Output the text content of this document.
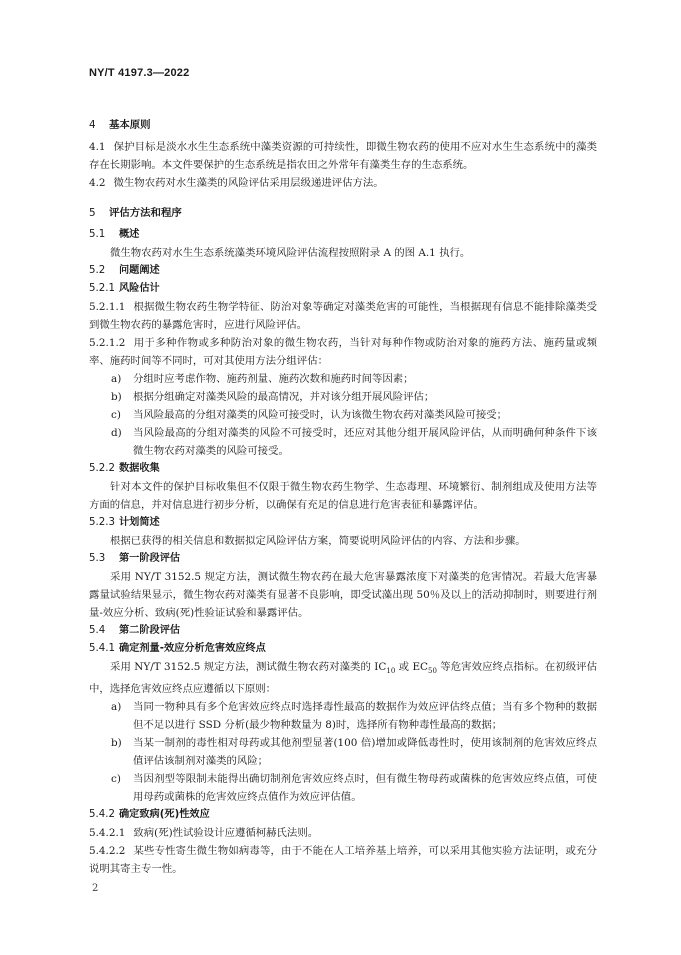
NY/T 4197.3—2022
4 基本原则
4.1 保护目标是淡水水生生态系统中藻类资源的可持续性，即微生物农药的使用不应对水生生态系统中的藻类存在长期影响。本文件要保护的生态系统是指农田之外常年有藻类生存的生态系统。
4.2 微生物农药对水生藻类的风险评估采用层级递进评估方法。
5 评估方法和程序
5.1 概述
微生物农药对水生生态系统藻类环境风险评估流程按照附录 A 的图 A.1 执行。
5.2 问题阐述
5.2.1 风险估计
5.2.1.1 根据微生物农药生物学特征、防治对象等确定对藻类危害的可能性，当根据现有信息不能排除藻类受到微生物农药的暴露危害时，应进行风险评估。
5.2.1.2 用于多种作物或多种防治对象的微生物农药，当针对每种作物或防治对象的施药方法、施药量或频率、施药时间等不同时，可对其使用方法分组评估：
a) 分组时应考虑作物、施药剂量、施药次数和施药时间等因素；
b) 根据分组确定对藻类风险的最高情况，并对该分组开展风险评估；
c) 当风险最高的分组对藻类的风险可接受时，认为该微生物农药对藻类风险可接受；
d) 当风险最高的分组对藻类的风险不可接受时，还应对其他分组开展风险评估，从而明确何种条件下该微生物农药对藻类的风险可接受。
5.2.2 数据收集
针对本文件的保护目标收集但不仅限于微生物农药生物学、生态毒理、环境繁衍、制剂组成及使用方法等方面的信息，并对信息进行初步分析，以确保有充足的信息进行危害表征和暴露评估。
5.2.3 计划简述
根据已获得的相关信息和数据拟定风险评估方案，简要说明风险评估的内容、方法和步骤。
5.3 第一阶段评估
采用 NY/T 3152.5 规定方法，测试微生物农药在最大危害暴露浓度下对藻类的危害情况。若最大危害暴露量试验结果显示，微生物农药对藻类有显著不良影响，即受试藻出现 50％及以上的活动抑制时，则要进行剂量-效应分析、致病(死)性验证试验和暴露评估。
5.4 第二阶段评估
5.4.1 确定剂量-效应分析危害效应终点
采用 NY/T 3152.5 规定方法，测试微生物农药对藻类的 $IC_{10}$ 或 $EC_{50}$ 等危害效应终点指标。在初级评估中，选择危害效应终点应遵循以下原则：
a) 当同一物种具有多个危害效应终点时选择毒性最高的数据作为效应评估终点值；当有多个物种的数据但不足以进行 SSD 分析(最少物种数量为 8)时，选择所有物种毒性最高的数据；
b) 当某一制剂的毒性相对母药或其他剂型显著(100 倍)增加或降低毒性时，使用该制剂的危害效应终点值评估该制剂对藻类的风险；
c) 当因剂型等限制未能得出确切制剂危害效应终点时，但有微生物母药或菌株的危害效应终点值，可使用母药或菌株的危害效应终点值作为效应评估值。
5.4.2 确定致病(死)性效应
5.4.2.1 致病(死)性试验设计应遵循柯赫氏法则。
5.4.2.2 某些专性寄生微生物如病毒等，由于不能在人工培养基上培养，可以采用其他实验方法证明，或充分说明其寄主专一性。
2
